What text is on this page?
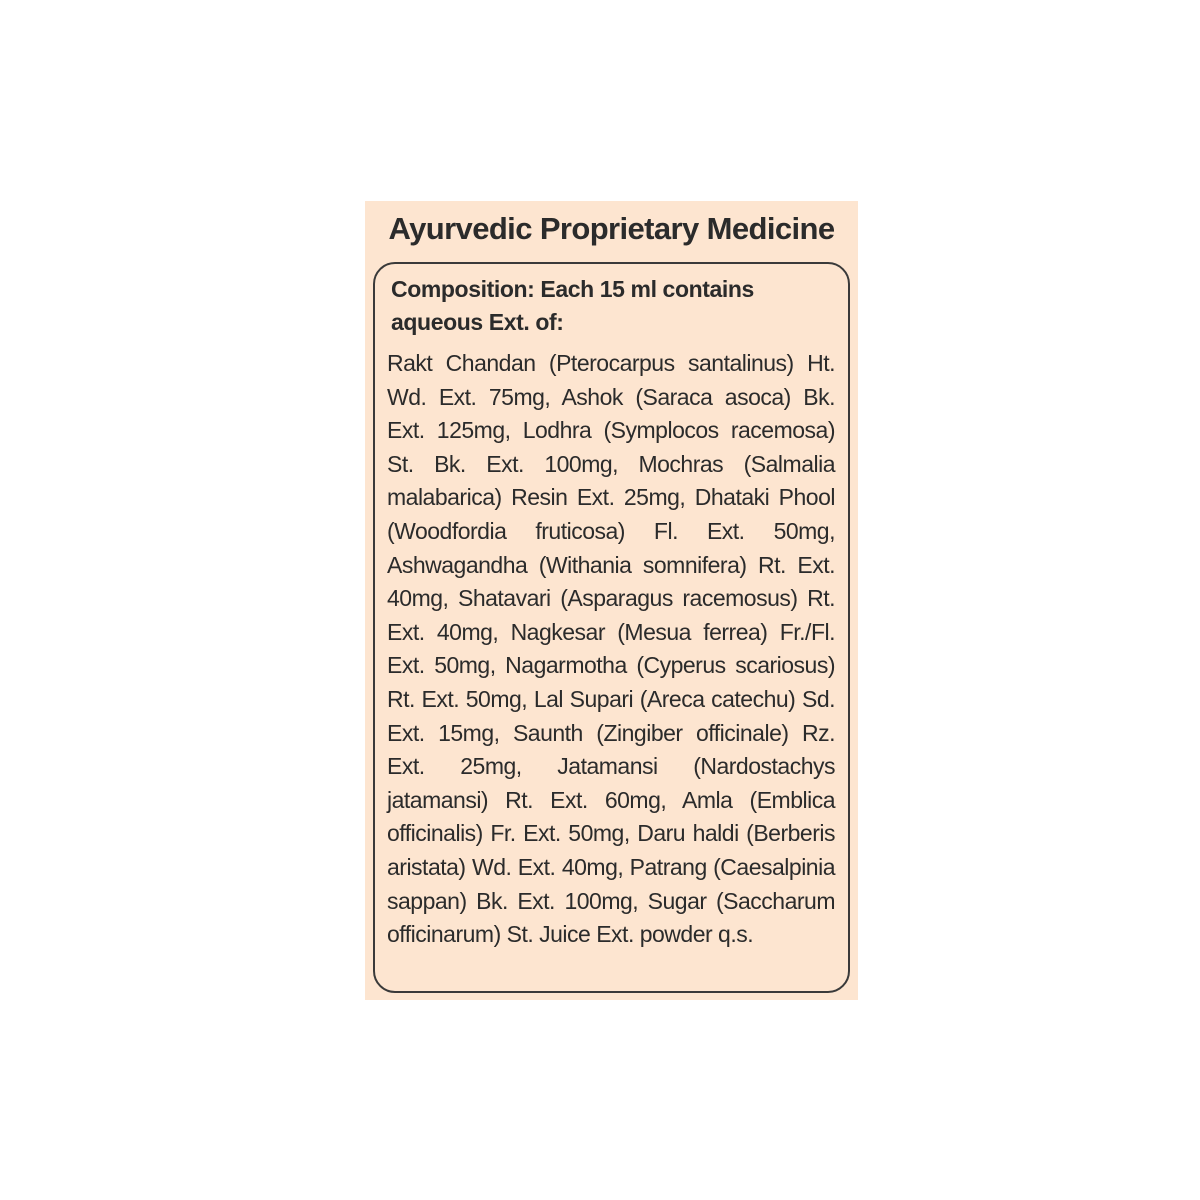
Ayurvedic Proprietary Medicine
Composition: Each 15 ml contains aqueous Ext. of:
Rakt Chandan (Pterocarpus santalinus) Ht. Wd. Ext. 75mg, Ashok (Saraca asoca) Bk. Ext. 125mg, Lodhra (Symplocos racemosa) St. Bk. Ext. 100mg, Mochras (Salmalia malabarica) Resin Ext. 25mg, Dhataki Phool (Woodfordia fruticosa) Fl. Ext. 50mg, Ashwagandha (Withania somnifera) Rt. Ext. 40mg, Shatavari (Asparagus racemosus) Rt. Ext. 40mg, Nagkesar (Mesua ferrea) Fr./Fl. Ext. 50mg, Nagarmotha (Cyperus scariosus) Rt. Ext. 50mg, Lal Supari (Areca catechu) Sd. Ext. 15mg, Saunth (Zingiber officinale) Rz. Ext. 25mg, Jatamansi (Nardostachys jatamansi) Rt. Ext. 60mg, Amla (Emblica officinalis) Fr. Ext. 50mg, Daru haldi (Berberis aristata) Wd. Ext. 40mg, Patrang (Caesalpinia sappan) Bk. Ext. 100mg, Sugar (Saccharum officinarum) St. Juice Ext. powder q.s.
